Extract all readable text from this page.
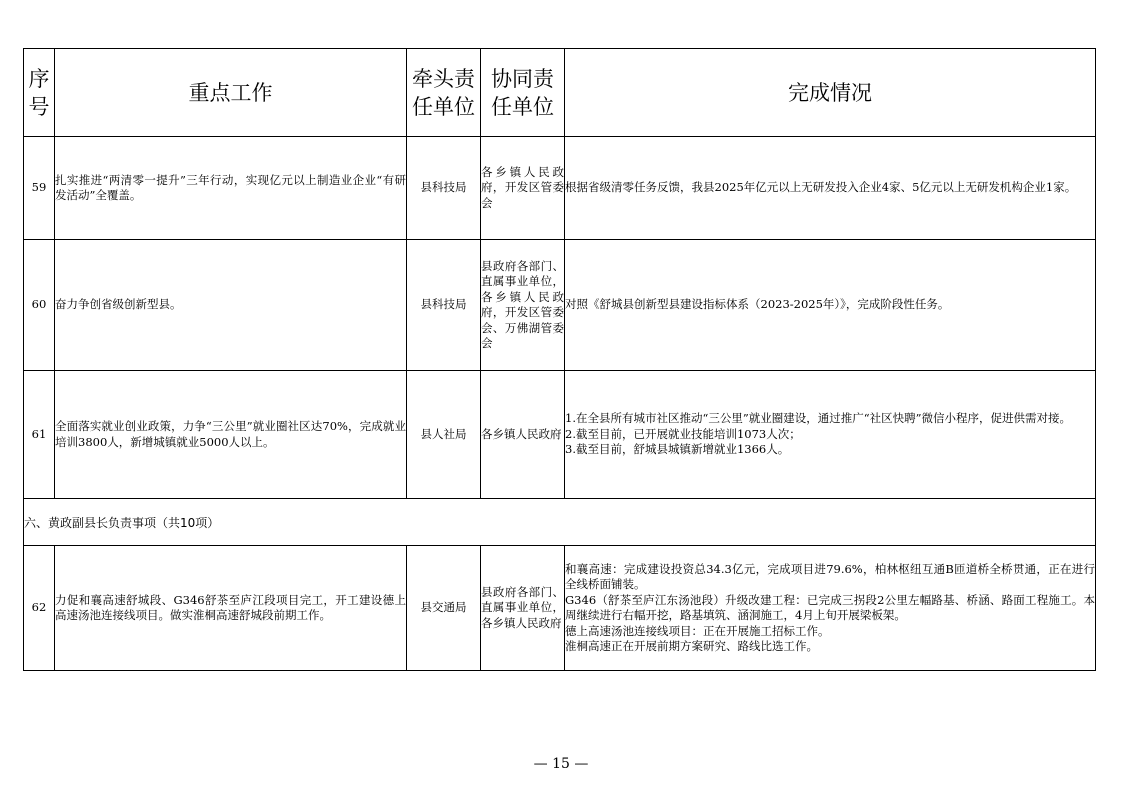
序号	重点工作	牵头责任单位	协同责任单位	完成情况
59	扎实推进“两清零一提升”三年行动，实现亿元以上制造业企业“有研发活动”全覆盖。	县科技局	各乡镇人民政府，开发区管委会	根据省级清零任务反馈，我县2025年亿元以上无研发投入企业4家、5亿元以上无研发机构企业1家。

60	奋力争创省级创新型县。	县科技局	县政府各部门、直属事业单位，各乡镇人民政府，开发区管委会、万佛湖管委会	对照《舒城县创新型县建设指标体系（2023-2025年）》，完成阶段性任务。

61	全面落实就业创业政策，力争“三公里”就业圈社区达70%，完成就业培训3800人，新增城镇就业5000人以上。	县人社局	各乡镇人民政府	1.在全县所有城市社区推动“三公里”就业圈建设，通过推广“社区快聘”微信小程序，促进供需对接。
2.截至目前，已开展就业技能培训1073人次；
3.截至目前，舒城县城镇新增就业1366人。

六、黄政副县长负责事项（共10项）				
62	力促和襄高速舒城段、G346舒茶至庐江段项目完工，开工建设德上高速汤池连接线项目。做实淮桐高速舒城段前期工作。	县交通局	县政府各部门、直属事业单位，各乡镇人民政府	和襄高速：完成建设投资总34.3亿元，完成项目进79.6%，柏林枢纽互通B匝道桥全桥贯通，正在进行全线桥面铺装。
G346（舒茶至庐江东汤池段）升级改建工程：已完成三拐段2公里左幅路基、桥涵、路面工程施工。本周继续进行右幅开挖，路基填筑、涵洞施工，4月上旬开展梁板架。
德上高速汤池连接线项目：正在开展施工招标工作。
淮桐高速正在开展前期方案研究、路线比选工作。
— 15 —
